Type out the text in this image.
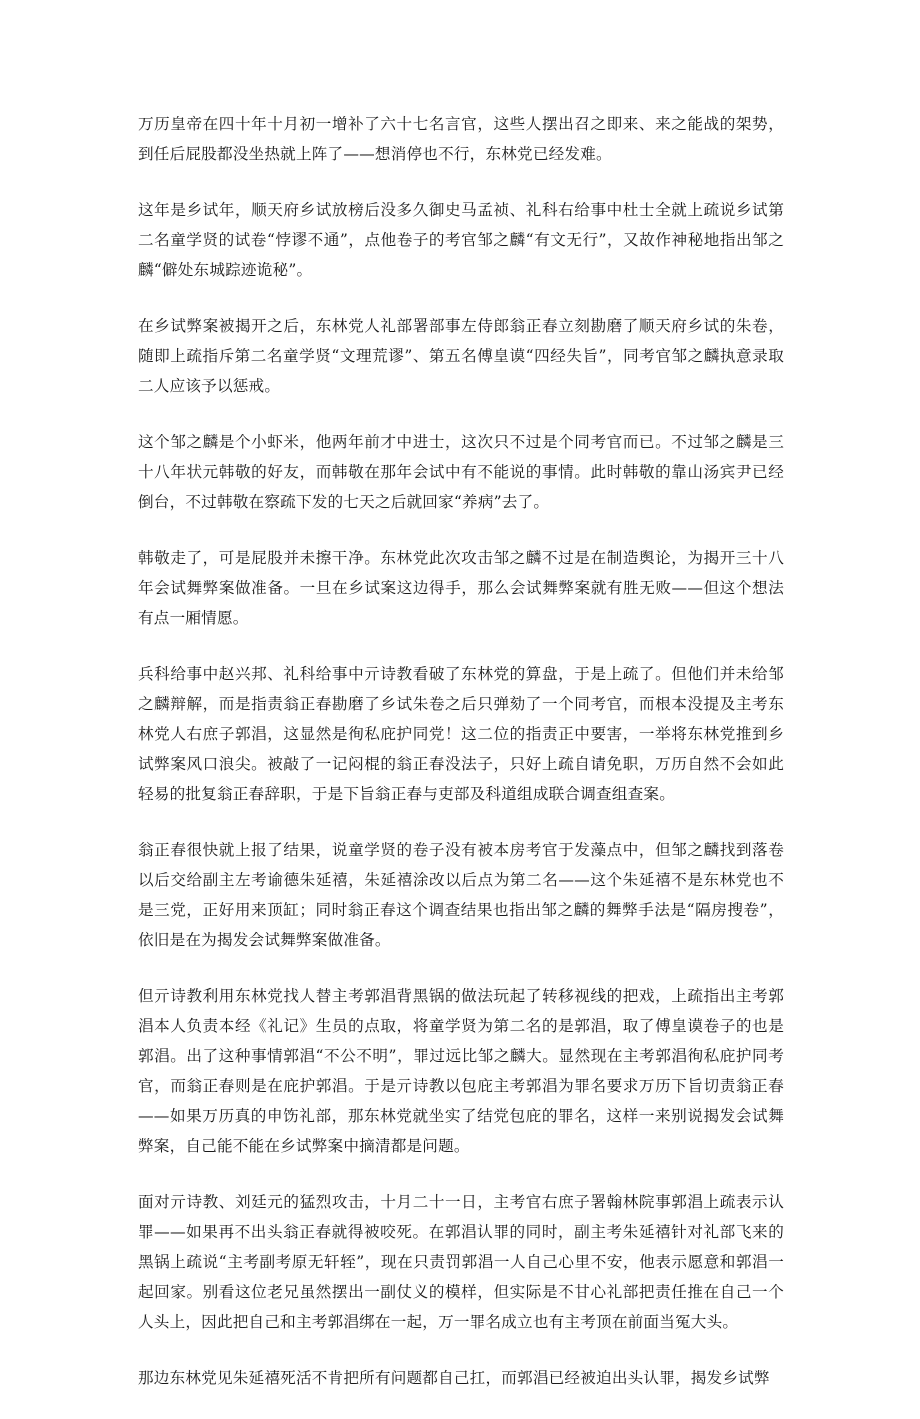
万历皇帝在四十年十月初一增补了六十七名言官，这些人摆出召之即来、来之能战的架势，到任后屁股都没坐热就上阵了——想消停也不行，东林党已经发难。

这年是乡试年，顺天府乡试放榜后没多久御史马孟祯、礼科右给事中杜士全就上疏说乡试第二名童学贤的试卷“悖谬不通”，点他卷子的考官邹之麟“有文无行”，又故作神秘地指出邹之麟“僻处东城踪迹诡秘”。

在乡试弊案被揭开之后，东林党人礼部署部事左侍郎翁正春立刻勘磨了顺天府乡试的朱卷，随即上疏指斥第二名童学贤“文理荒谬”、第五名傅皇谟“四经失旨”，同考官邹之麟执意录取二人应该予以惩戒。

这个邹之麟是个小虾米，他两年前才中进士，这次只不过是个同考官而已。不过邹之麟是三十八年状元韩敬的好友，而韩敬在那年会试中有不能说的事情。此时韩敬的靠山汤宾尹已经倒台，不过韩敬在察疏下发的七天之后就回家“养病”去了。

韩敬走了，可是屁股并未擦干净。东林党此次攻击邹之麟不过是在制造舆论，为揭开三十八年会试舞弊案做准备。一旦在乡试案这边得手，那么会试舞弊案就有胜无败——但这个想法有点一厢情愿。

兵科给事中赵兴邦、礼科给事中亓诗教看破了东林党的算盘，于是上疏了。但他们并未给邹之麟辩解，而是指责翁正春勘磨了乡试朱卷之后只弹劾了一个同考官，而根本没提及主考东林党人右庶子郭淐，这显然是徇私庇护同党！这二位的指责正中要害，一举将东林党推到乡试弊案风口浪尖。被敲了一记闷棍的翁正春没法子，只好上疏自请免职，万历自然不会如此轻易的批复翁正春辞职，于是下旨翁正春与吏部及科道组成联合调查组查案。

翁正春很快就上报了结果，说童学贤的卷子没有被本房考官于发藻点中，但邹之麟找到落卷以后交给副主左考谕德朱延禧，朱延禧涂改以后点为第二名——这个朱延禧不是东林党也不是三党，正好用来顶缸；同时翁正春这个调查结果也指出邹之麟的舞弊手法是“隔房搜卷”，依旧是在为揭发会试舞弊案做准备。

但亓诗教利用东林党找人替主考郭淐背黑锅的做法玩起了转移视线的把戏，上疏指出主考郭淐本人负责本经《礼记》生员的点取，将童学贤为第二名的是郭淐，取了傅皇谟卷子的也是郭淐。出了这种事情郭淐“不公不明”，罪过远比邹之麟大。显然现在主考郭淐徇私庇护同考官，而翁正春则是在庇护郭淐。于是亓诗教以包庇主考郭淐为罪名要求万历下旨切责翁正春——如果万历真的申饬礼部，那东林党就坐实了结党包庇的罪名，这样一来别说揭发会试舞弊案，自己能不能在乡试弊案中摘清都是问题。

面对亓诗教、刘廷元的猛烈攻击，十月二十一日，主考官右庶子署翰林院事郭淐上疏表示认罪——如果再不出头翁正春就得被咬死。在郭淐认罪的同时，副主考朱延禧针对礼部飞来的黑锅上疏说“主考副考原无轩轾”，现在只责罚郭淐一人自己心里不安，他表示愿意和郭淐一起回家。别看这位老兄虽然摆出一副仗义的模样，但实际是不甘心礼部把责任推在自己一个人头上，因此把自己和主考郭淐绑在一起，万一罪名成立也有主考顶在前面当冤大头。

那边东林党见朱延禧死活不肯把所有问题都自己扛，而郭淐已经被迫出头认罪，揭发乡试弊
